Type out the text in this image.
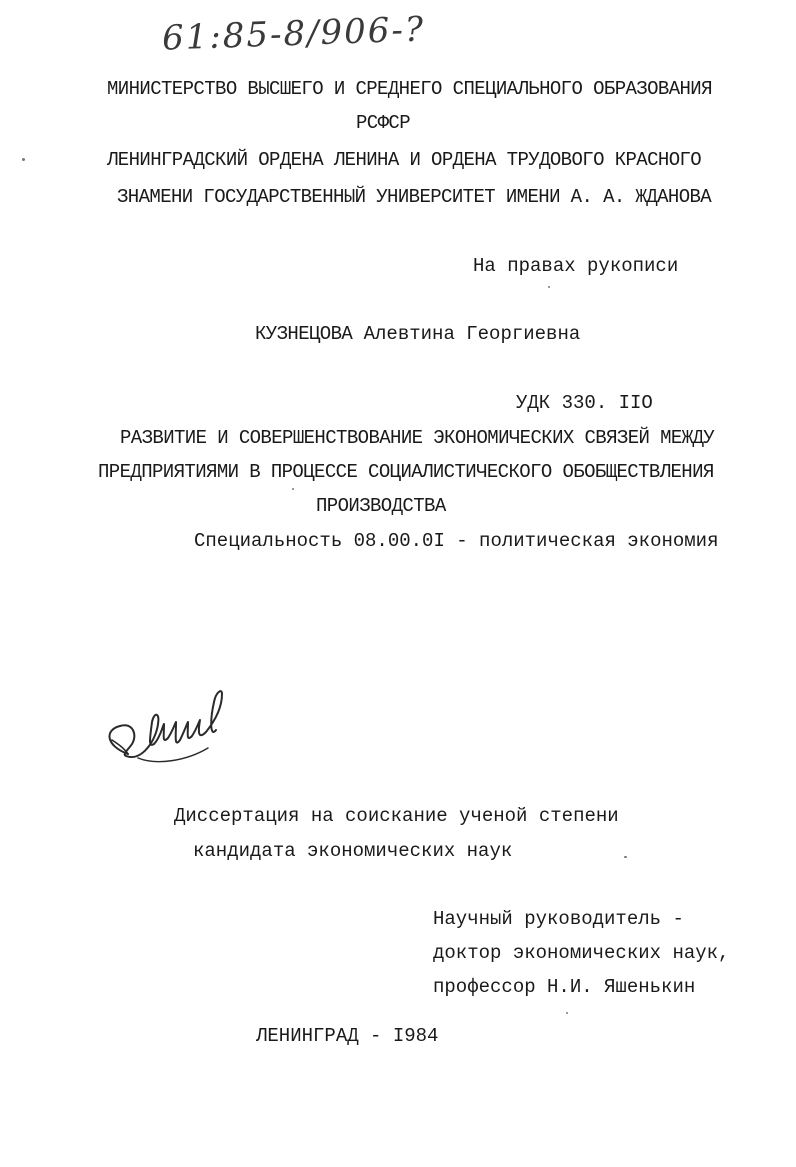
61:85-8/906-?
МИНИСТЕРСТВО ВЫСШЕГО И СРЕДНЕГО СПЕЦИАЛЬНОГО ОБРАЗОВАНИЯ
РСФСР
ЛЕНИНГРАДСКИЙ ОРДЕНА ЛЕНИНА И ОРДЕНА ТРУДОВОГО КРАСНОГО
ЗНАМЕНИ ГОСУДАРСТВЕННЫЙ УНИВЕРСИТЕТ ИМЕНИ А. А. ЖДАНОВА
На правах рукописи
КУЗНЕЦОВА Алевтина Георгиевна
УДК 330. IIO
РАЗВИТИЕ И СОВЕРШЕНСТВОВАНИЕ ЭКОНОМИЧЕСКИХ СВЯЗЕЙ МЕЖДУ
ПРЕДПРИЯТИЯМИ В ПРОЦЕССЕ СОЦИАЛИСТИЧЕСКОГО ОБОБЩЕСТВЛЕНИЯ
ПРОИЗВОДСТВА
Специальность 08.00.0I - политическая экономия
Диссертация на соискание ученой степени
кандидата экономических наук
Научный руководитель -
доктор экономических наук,
профессор Н.И. Яшенькин
ЛЕНИНГРАД - I984
